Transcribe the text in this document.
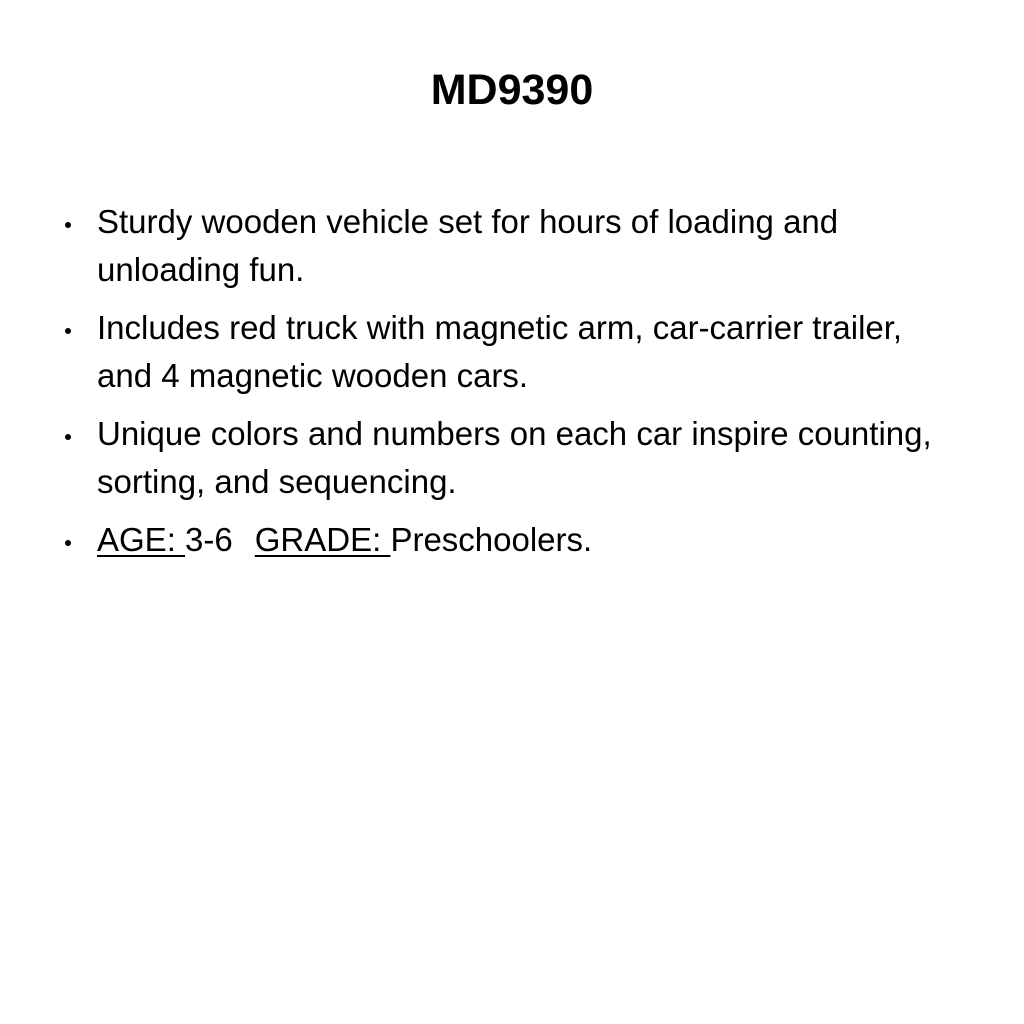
MD9390
Sturdy wooden vehicle set for hours of loading and unloading fun.
Includes red truck with magnetic arm, car-carrier trailer, and 4 magnetic wooden cars.
Unique colors and numbers on each car inspire counting, sorting, and sequencing.
AGE: 3-6 GRADE: Preschoolers.
